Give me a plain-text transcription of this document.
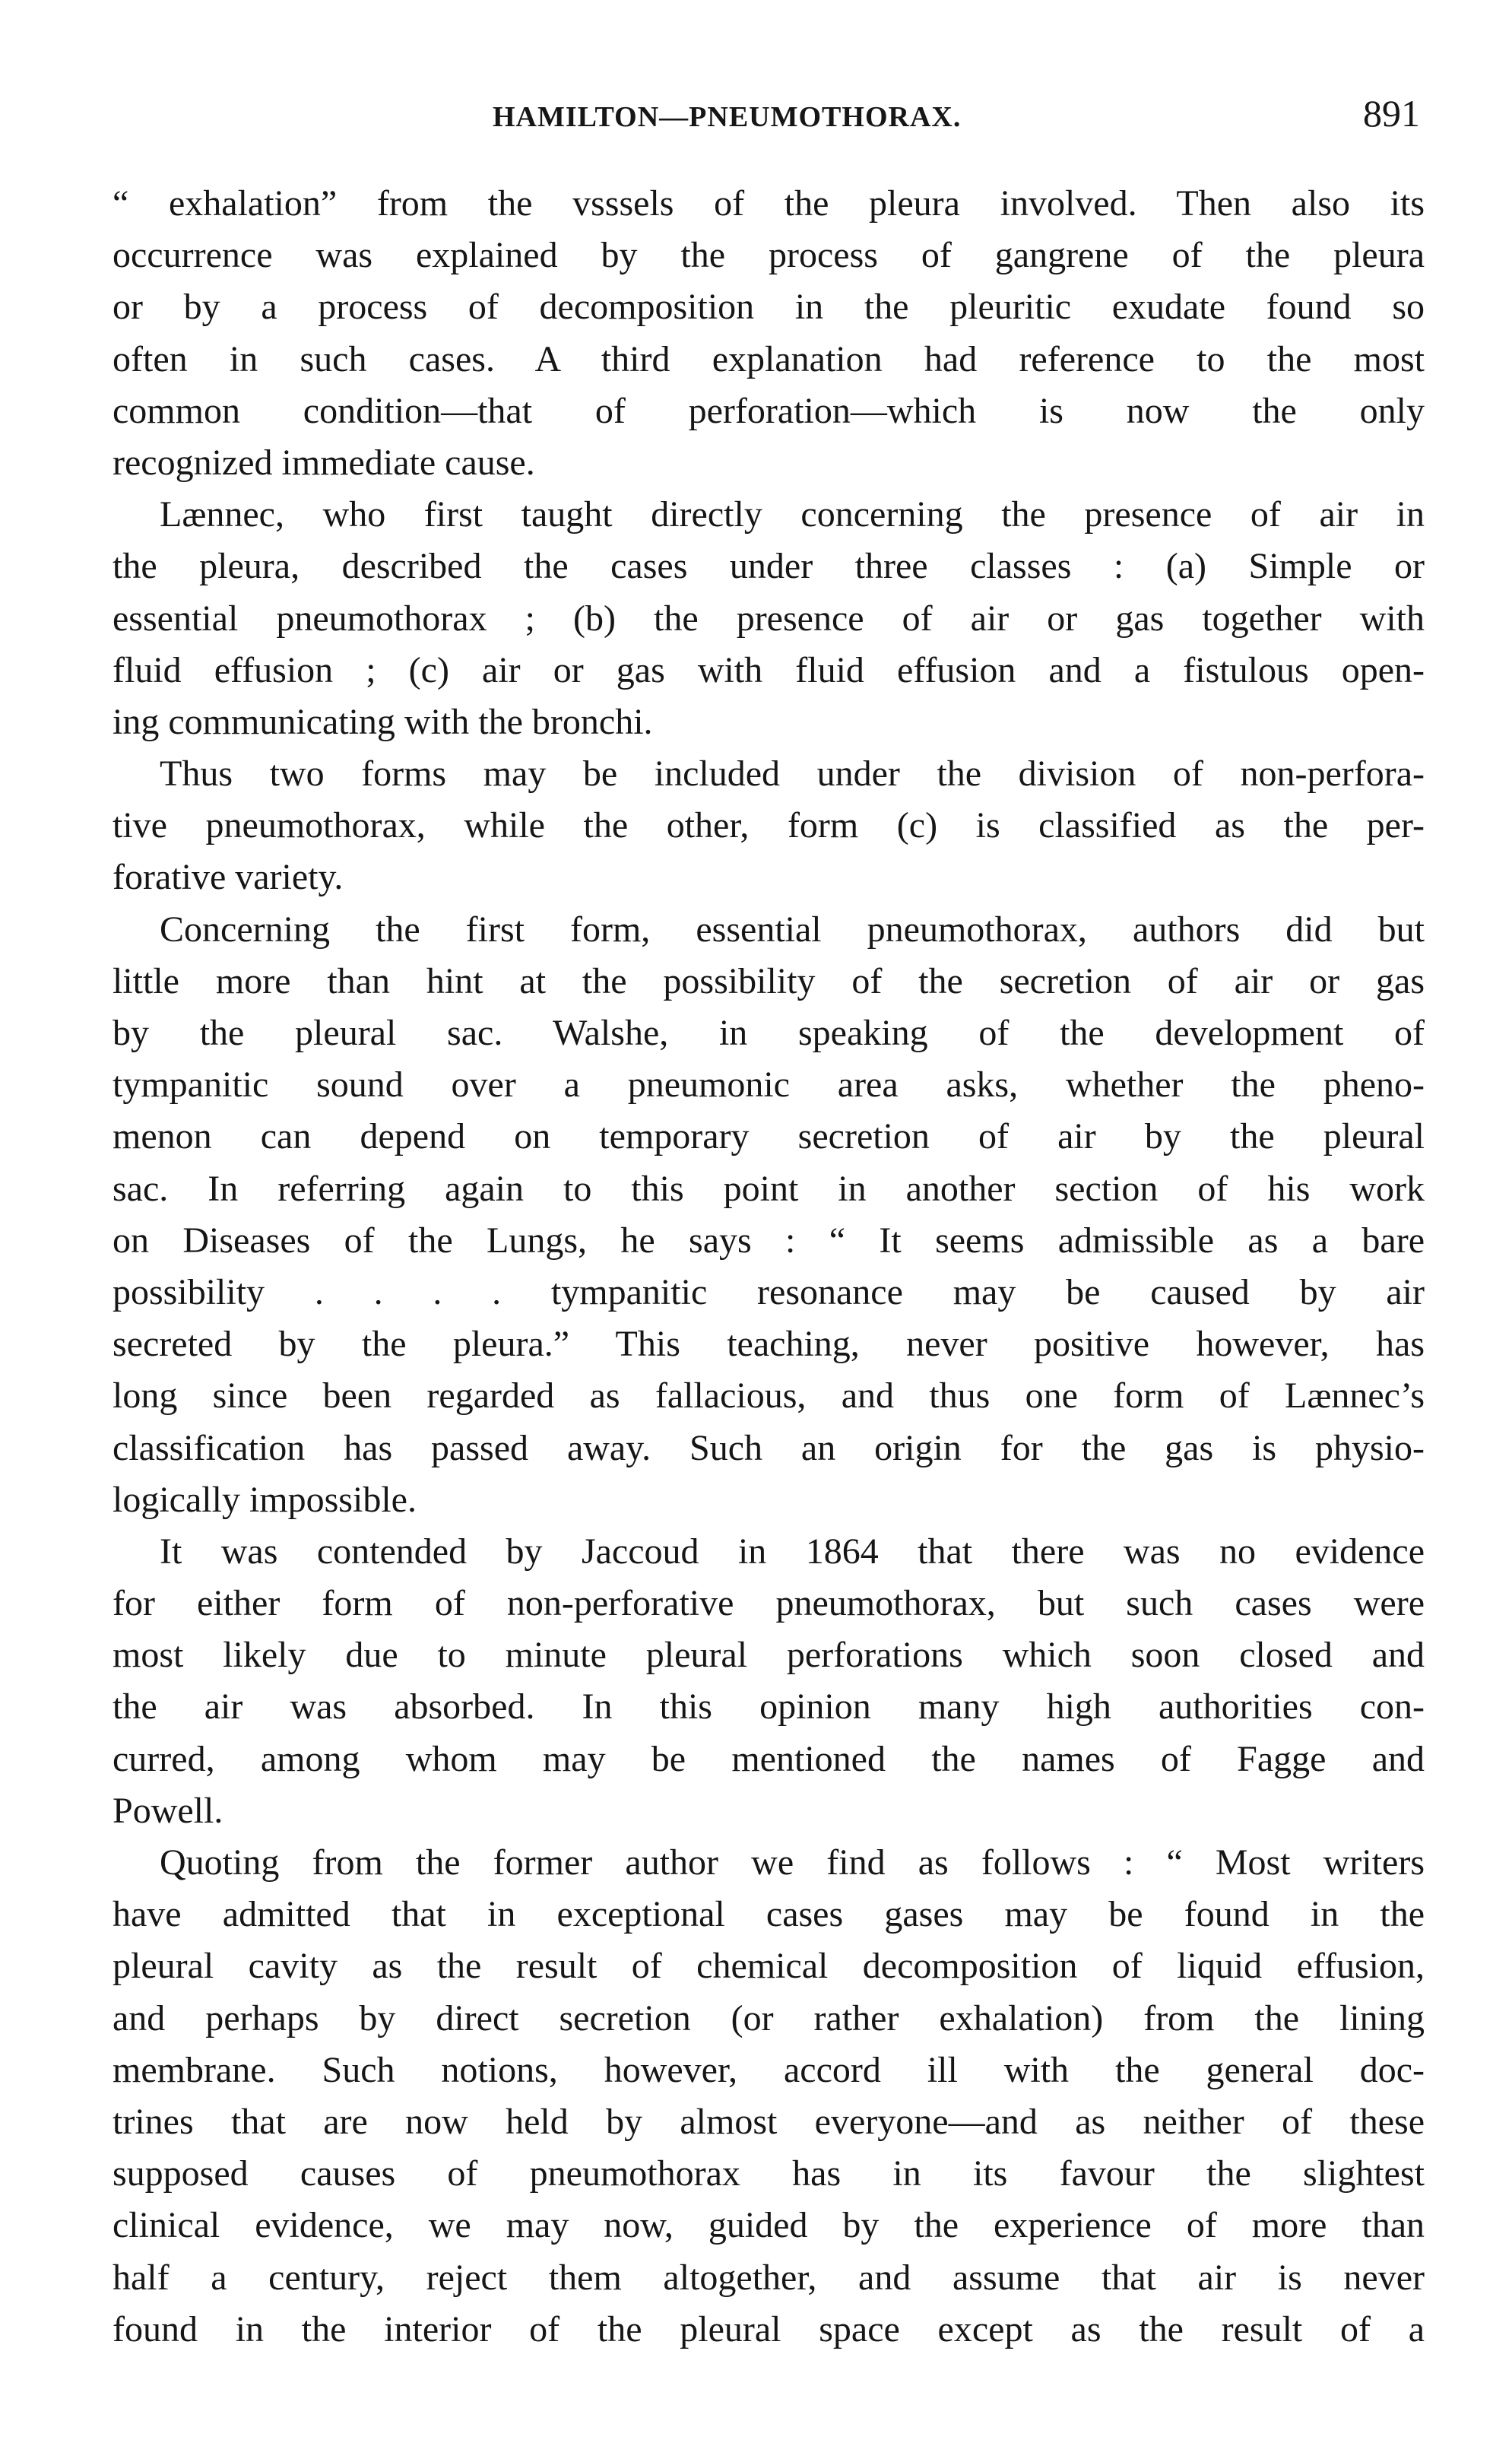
HAMILTON—PNEUMOTHORAX.	891
“ exhalation” from the vsssels of the pleura involved. Then also its
occurrence was explained by the process of gangrene of the pleura
or by a process of decomposition in the pleuritic exudate found so
often in such cases. A third explanation had reference to the most
common condition—that of perforation—which is now the only
recognized immediate cause.
Lænnec, who first taught directly concerning the presence of air in
the pleura, described the cases under three classes : (a) Simple or
essential pneumothorax ; (b) the presence of air or gas together with
fluid effusion ; (c) air or gas with fluid effusion and a fistulous open-
ing communicating with the bronchi.
Thus two forms may be included under the division of non-perfora-
tive pneumothorax, while the other, form (c) is classified as the per-
forative variety.
Concerning the first form, essential pneumothorax, authors did but
little more than hint at the possibility of the secretion of air or gas
by the pleural sac. Walshe, in speaking of the development of
tympanitic sound over a pneumonic area asks, whether the pheno-
menon can depend on temporary secretion of air by the pleural
sac. In referring again to this point in another section of his work
on Diseases of the Lungs, he says : “ It seems admissible as a bare
possibility . . . . tympanitic resonance may be caused by air
secreted by the pleura.” This teaching, never positive however, has
long since been regarded as fallacious, and thus one form of Lænnec’s
classification has passed away. Such an origin for the gas is physio-
logically impossible.
It was contended by Jaccoud in 1864 that there was no evidence
for either form of non-perforative pneumothorax, but such cases were
most likely due to minute pleural perforations which soon closed and
the air was absorbed. In this opinion many high authorities con-
curred, among whom may be mentioned the names of Fagge and
Powell.
Quoting from the former author we find as follows : “ Most writers
have admitted that in exceptional cases gases may be found in the
pleural cavity as the result of chemical decomposition of liquid effusion,
and perhaps by direct secretion (or rather exhalation) from the lining
membrane. Such notions, however, accord ill with the general doc-
trines that are now held by almost everyone—and as neither of these
supposed causes of pneumothorax has in its favour the slightest
clinical evidence, we may now, guided by the experience of more than
half a century, reject them altogether, and assume that air is never
found in the interior of the pleural space except as the result of a
